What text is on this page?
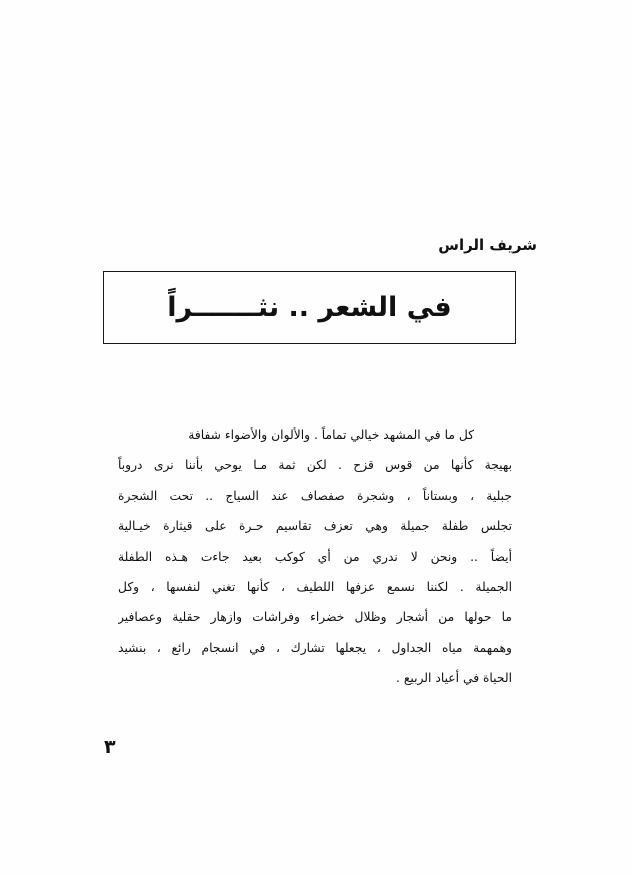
شريف الراس
في الشعر .. نثـــــــراً
كل ما في المشهد خيالي تماماً . والألوان والأضواء شفافة
بهيجة كأنها من قوس قزح . لكن ثمة مـا يوحي بأننا نرى دروباً
جبلية ، وبستاناً ، وشجرة صفصاف عند السياج .. تحت الشجرة
تجلس طفلة جميلة وهي تعزف تقاسيم حـرة على قيثارة خيـالية
أيضاً .. ونحن لا ندري من أي كوكب بعيد جاءت هـذه الطفلة
الجميلة . لكننا نسمع عزفها اللطيف ، كأنها تغني لنفسها ، وكل
ما حولها من أشجار وظلال خضراء وفراشات وازهار حقلية وعصافير
وهمهمة مياه الجداول ، يجعلها تشارك ، في انسجام رائع ، بنشيد
الحياة في أعياد الربيع .
٣
